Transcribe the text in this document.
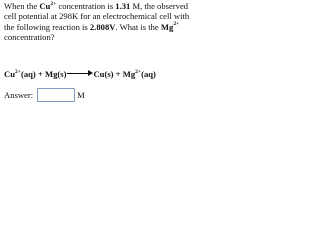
When the $Cu^{2+}$ concentration is 1.31 M, the observed cell potential at 298K for an electrochemical cell with the following reaction is 2.808V. What is the $Mg^{2+}$ concentration?

$Cu^{2+}(aq) + Mg(s)$	$Cu(s) + Mg^{2+}(aq)$
Answer:	M
